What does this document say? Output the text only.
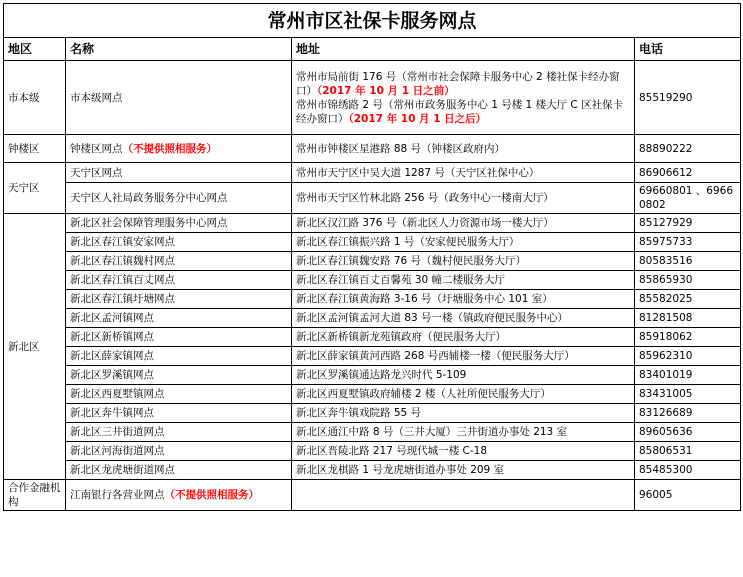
常州市区社保卡服务网点			
地区	名称	地址	电话
市本级	市本级网点	常州市局前街 176 号（常州市社会保障卡服务中心 2 楼社保卡经办窗口）（2017 年 10 月 1 日之前）
常州市锦绣路 2 号（常州市政务服务中心 1 号楼 1 楼大厅 C 区社保卡经办窗口）（2017 年 10 月 1 日之后）	85519290
钟楼区	钟楼区网点（不提供照相服务）	常州市钟楼区星港路 88 号（钟楼区政府内）	88890222
天宁区	天宁区网点	常州市天宁区中吴大道 1287 号（天宁区社保中心）	86906612
	天宁区人社局政务服务分中心网点	常州市天宁区竹林北路 256 号（政务中心一楼南大厅）	69660801 、69660802
新北区	新北区社会保障管理服务中心网点	新北区汉江路 376 号（新北区人力资源市场一楼大厅）	85127929
	新北区春江镇安家网点	新北区春江镇振兴路 1 号（安家便民服务大厅）	85975733
	新北区春江镇魏村网点	新北区春江镇魏安路 76 号（魏村便民服务大厅）	80583516
	新北区春江镇百丈网点	新北区春江镇百丈百馨苑 30 幢二楼服务大厅	85865930
	新北区春江镇圩塘网点	新北区春江镇黄海路 3-16 号（圩塘服务中心 101 室）	85582025
	新北区孟河镇网点	新北区孟河镇孟河大道 83 号一楼（镇政府便民服务中心）	81281508
	新北区新桥镇网点	新北区新桥镇新龙苑镇政府（便民服务大厅）	85918062
	新北区薛家镇网点	新北区薛家镇黄河西路 268 号西辅楼一楼（便民服务大厅）	85962310
	新北区罗溪镇网点	新北区罗溪镇通达路龙兴时代 5-109	83401019
	新北区西夏墅镇网点	新北区西夏墅镇政府辅楼 2 楼（人社所便民服务大厅）	83431005
	新北区奔牛镇网点	新北区奔牛镇戏院路 55 号	83126689
	新北区三井街道网点	新北区通江中路 8 号（三井大厦）三井街道办事处 213 室	89605636
	新北区河海街道网点	新北区晋陵北路 217 号现代城一楼 C-18	85806531
	新北区龙虎塘街道网点	新北区龙棋路 1 号龙虎塘街道办事处 209 室	85485300
合作金融机构	江南银行各营业网点（不提供照相服务）		96005
